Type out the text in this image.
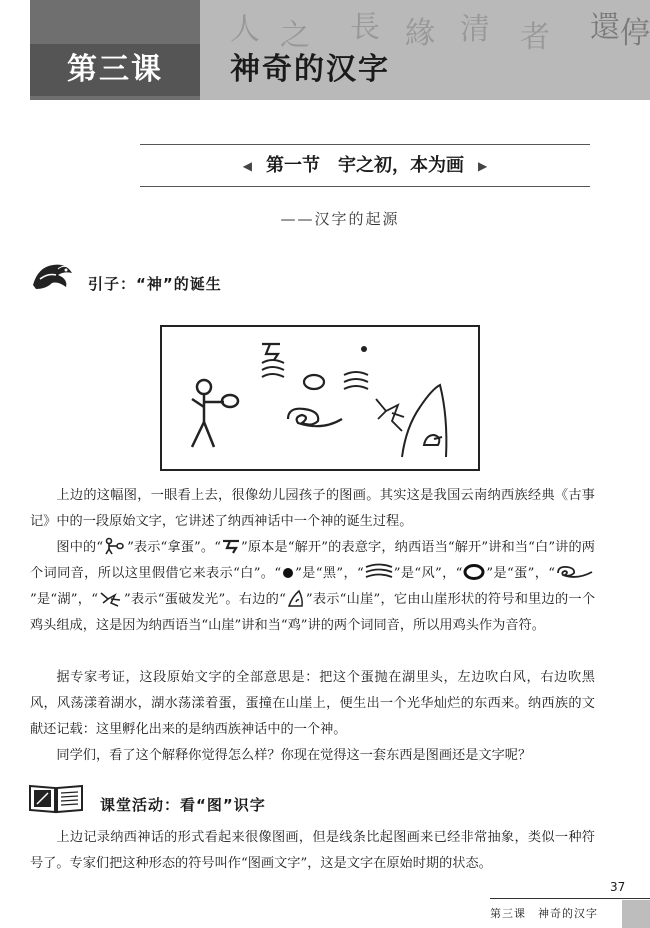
人 之 長 緣 清 者 還 停
第三课	神奇的汉字
◀ 第一节　宇之初，本为画 ▶
——汉字的起源
引子：“神”的诞生

上边的这幅图，一眼看上去，很像幼儿园孩子的图画。其实这是我国云南纳西族经典《古事记》中的一段原始文字，它讲述了纳西神话中一个神的诞生过程。

图中的“ ”表示“拿蛋”。“ ”原本是“解开”的表意字，纳西语当“解开”讲和当“白”讲的两个词同音，所以这里假借它来表示“白”。“ ”是“黑”，“ ”是“风”，“ ”是“蛋”，“”是“湖”，“ ”表示“蛋破发光”。右边的“ ”表示“山崖”，它由山崖形状的符号和里边的一个鸡头组成，这是因为纳西语当“山崖”讲和当“鸡”讲的两个词同音，所以用鸡头作为音符。

据专家考证，这段原始文字的全部意思是：把这个蛋抛在湖里头，左边吹白风，右边吹黑风，风荡漾着湖水，湖水荡漾着蛋，蛋撞在山崖上，便生出一个光华灿烂的东西来。纳西族的文献还记载：这里孵化出来的是纳西族神话中的一个神。

同学们，看了这个解释你觉得怎么样？你现在觉得这一套东西是图画还是文字呢？

课堂活动：看“图”识字

上边记录纳西神话的形式看起来很像图画，但是线条比起图画来已经非常抽象，类似一种符号了。专家们把这种形态的符号叫作“图画文字”，这是文字在原始时期的状态。

37
第三课　神奇的汉字
